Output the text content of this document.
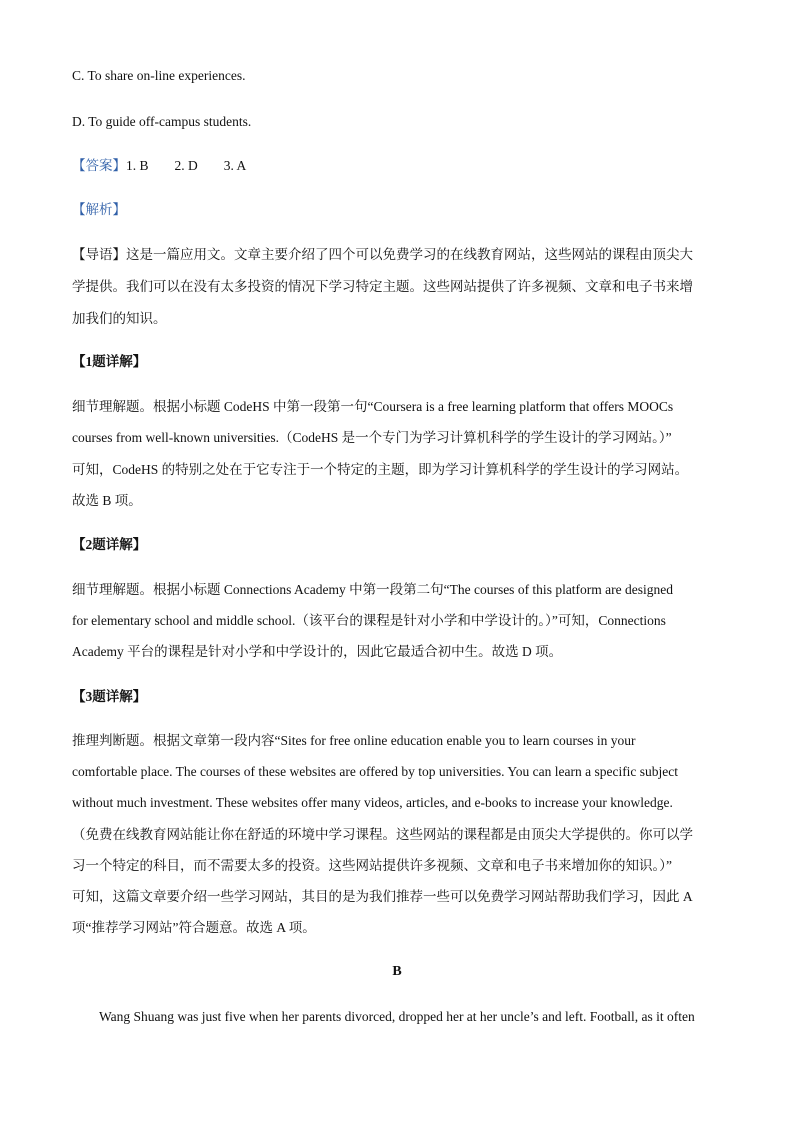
C. To share on-line experiences.
D. To guide off-campus students.
【答案】1. B 2. D 3. A
【解析】
【导语】这是一篇应用文。文章主要介绍了四个可以免费学习的在线教育网站，这些网站的课程由顶尖大
学提供。我们可以在没有太多投资的情况下学习特定主题。这些网站提供了许多视频、文章和电子书来增
加我们的知识。
【1题详解】
细节理解题。根据小标题 CodeHS 中第一段第一句“Coursera is a free learning platform that offers MOOCs
courses from well-known universities.（CodeHS 是一个专门为学习计算机科学的学生设计的学习网站。）”
可知，CodeHS 的特别之处在于它专注于一个特定的主题，即为学习计算机科学的学生设计的学习网站。
故选 B 项。
【2题详解】
细节理解题。根据小标题 Connections Academy 中第一段第二句“The courses of this platform are designed
for elementary school and middle school.（该平台的课程是针对小学和中学设计的。）”可知，Connections
Academy 平台的课程是针对小学和中学设计的，因此它最适合初中生。故选 D 项。
【3题详解】
推理判断题。根据文章第一段内容“Sites for free online education enable you to learn courses in your
comfortable place. The courses of these websites are offered by top universities. You can learn a specific subject
without much investment. These websites offer many videos, articles, and e-books to increase your knowledge.
（免费在线教育网站能让你在舒适的环境中学习课程。这些网站的课程都是由顶尖大学提供的。你可以学
习一个特定的科目，而不需要太多的投资。这些网站提供许多视频、文章和电子书来增加你的知识。）”
可知，这篇文章要介绍一些学习网站，其目的是为我们推荐一些可以免费学习网站帮助我们学习，因此 A
项“推荐学习网站”符合题意。故选 A 项。
B
Wang Shuang was just five when her parents divorced, dropped her at her uncle’s and left. Football, as it often
